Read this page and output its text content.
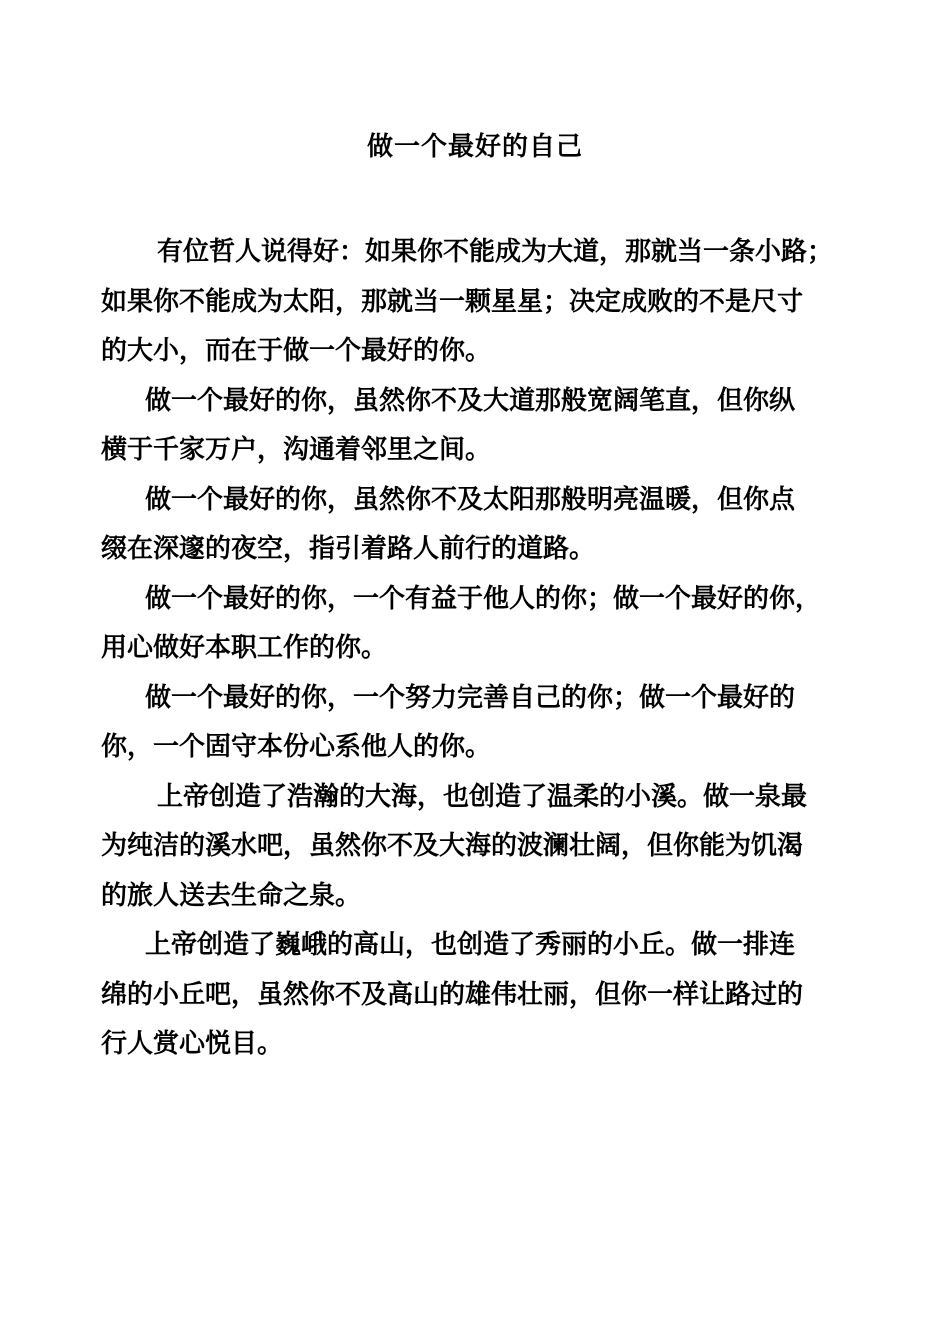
做一个最好的自己

有位哲人说得好：如果你不能成为大道，那就当一条小路；
如果你不能成为太阳，那就当一颗星星；决定成败的不是尺寸
的大小，而在于做一个最好的你。

做一个最好的你，虽然你不及大道那般宽阔笔直，但你纵
横于千家万户，沟通着邻里之间。

做一个最好的你，虽然你不及太阳那般明亮温暖，但你点
缀在深邃的夜空，指引着路人前行的道路。

做一个最好的你，一个有益于他人的你；做一个最好的你，
用心做好本职工作的你。

做一个最好的你，一个努力完善自己的你；做一个最好的
你，一个固守本份心系他人的你。

上帝创造了浩瀚的大海，也创造了温柔的小溪。做一泉最
为纯洁的溪水吧，虽然你不及大海的波澜壮阔，但你能为饥渴
的旅人送去生命之泉。

上帝创造了巍峨的高山，也创造了秀丽的小丘。做一排连
绵的小丘吧，虽然你不及高山的雄伟壮丽，但你一样让路过的
行人赏心悦目。
